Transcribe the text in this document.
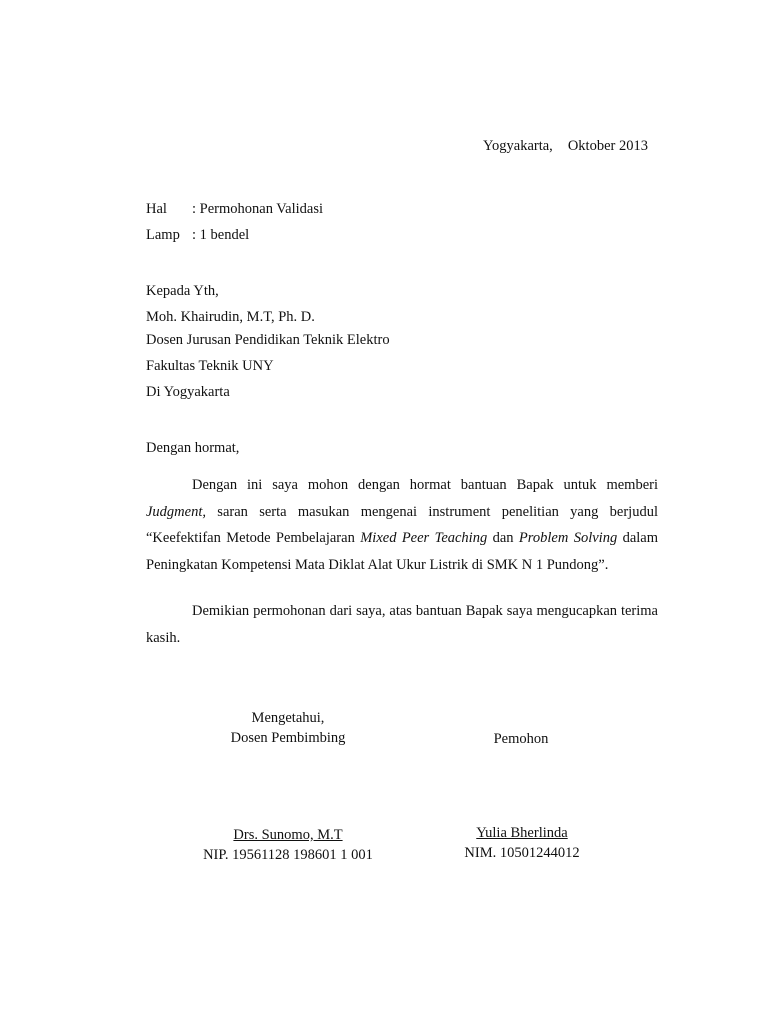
Yogyakarta, Oktober 2013
Hal : Permohonan Validasi
Lamp : 1 bendel
Kepada Yth,
Moh. Khairudin, M.T, Ph. D.
Dosen Jurusan Pendidikan Teknik Elektro
Fakultas Teknik UNY
Di Yogyakarta
Dengan hormat,
Dengan ini saya mohon dengan hormat bantuan Bapak untuk memberi Judgment, saran serta masukan mengenai instrument penelitian yang berjudul “Keefektifan Metode Pembelajaran Mixed Peer Teaching dan Problem Solving dalam Peningkatan Kompetensi Mata Diklat Alat Ukur Listrik di SMK N 1 Pundong”.
Demikian permohonan dari saya, atas bantuan Bapak saya mengucapkan terima kasih.
Mengetahui,
Dosen Pembimbing
Drs. Sunomo, M.T
NIP. 19561128 198601 1 001
Pemohon
Yulia Bherlinda
NIM. 10501244012
